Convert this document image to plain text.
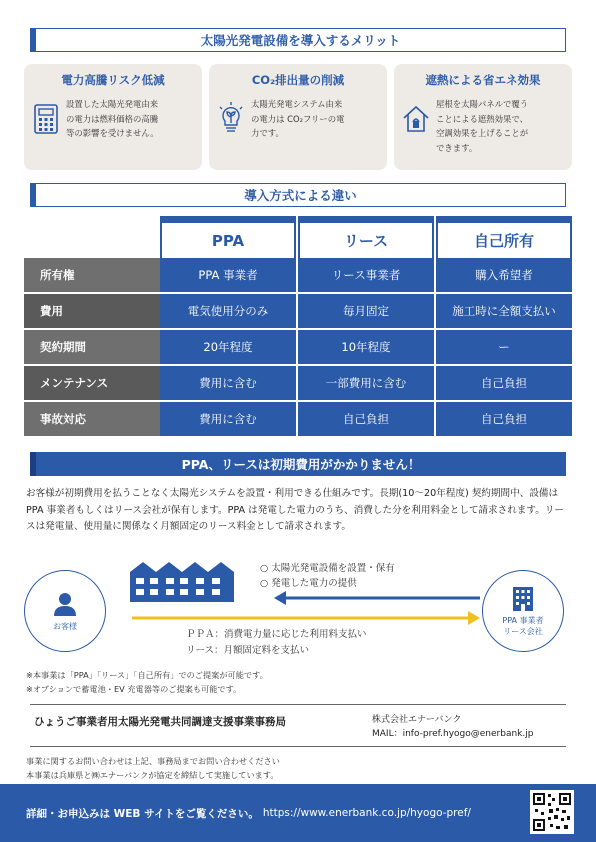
太陽光発電設備を導入するメリット
電力高騰リスク低減
設置した太陽光発電由来
の電力は燃料価格の高騰
等の影響を受けません。
CO₂排出量の削減
太陽光発電システム由来
の電力は CO₂フリーの電
力です。
遮熱による省エネ効果
屋根を太陽パネルで覆う
ことによる遮熱効果で、
空調効果を上げることが
できます。
導入方式による違い
PPA	リース	自己所有
所有権	PPA 事業者	リース事業者	購入希望者
費用	電気使用分のみ	毎月固定	施工時に全額支払い
契約期間	20年程度	10年程度	ー
メンテナンス	費用に含む	一部費用に含む	自己負担
事故対応	費用に含む	自己負担	自己負担
PPA、リースは初期費用がかかりません！
お客様が初期費用を払うことなく太陽光システムを設置・利用できる仕組みです。長期(10〜20年程度) 契約期間中、設備はPPA 事業者もしくはリース会社が保有します。PPA は発電した電力のうち、消費した分を利用料金として請求されます。リースは発電量、使用量に関係なく月額固定のリース料金として請求されます。
お客様
○ 太陽光発電設備を設置・保有
○ 発電した電力の提供
ＰＰＡ：消費電力量に応じた利用料支払い
リース：月額固定料を支払い
PPA 事業者
リース会社
※本事業は「PPA」「リース」「自己所有」でのご提案が可能です。
※オプションで蓄電池・EV 充電器等のご提案も可能です。
ひょうご事業者用太陽光発電共同調達支援事業事務局	株式会社エナーバンク
MAIL：info-pref.hyogo@enerbank.jp
事業に関するお問い合わせは上記、事務局までお問い合わせください
本事業は兵庫県と㈱エナーバンクが協定を締結して実施しています。
詳細・お申込みは WEB サイトをご覧ください。 https://www.enerbank.co.jp/hyogo-pref/
